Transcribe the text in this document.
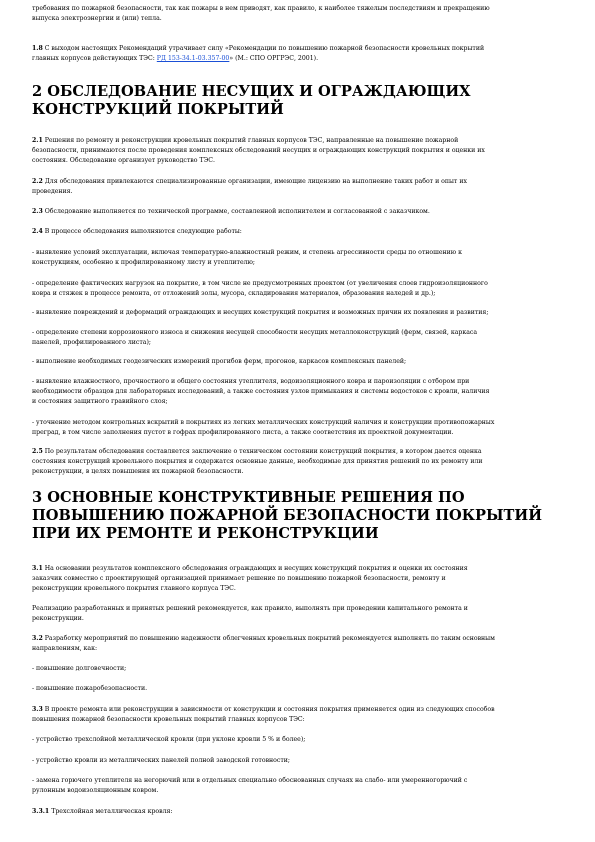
требования по пожарной безопасности, так как пожары в нем приводят, как правило, к наиболее тяжелым последствиям и прекращению
выпуска электроэнергии и (или) тепла.

1.8 С выходом настоящих Рекомендаций утрачивает силу «Рекомендации по повышению пожарной безопасности кровельных покрытий
главных корпусов действующих ТЭС: РД 153-34.1-03.357-00» (М.: СПО ОРГРЭС, 2001).

2 ОБСЛЕДОВАНИЕ НЕСУЩИХ И ОГРАЖДАЮЩИХ
КОНСТРУКЦИЙ ПОКРЫТИЙ

2.1 Решения по ремонту и реконструкции кровельных покрытий главных корпусов ТЭС, направленные на повышение пожарной
безопасности, принимаются после проведения комплексных обследований несущих и ограждающих конструкций покрытия и оценки их
состояния. Обследование организует руководство ТЭС.

2.2 Для обследования привлекаются специализированные организации, имеющие лицензию на выполнение таких работ и опыт их
проведения.

2.3 Обследование выполняется по технической программе, составленной исполнителем и согласованной с заказчиком.

2.4 В процессе обследования выполняются следующие работы:

- выявление условий эксплуатации, включая температурно-влажностный режим, и степень агрессивности среды по отношению к
конструкциям, особенно к профилированному листу и утеплителю;

- определение фактических нагрузок на покрытие, в том числе не предусмотренных проектом (от увеличения слоев гидроизоляционного
ковра и стяжек в процессе ремонта, от отложений золы, мусора, складирования материалов, образования наледей и др.);

- выявление повреждений и деформаций ограждающих и несущих конструкций покрытия и возможных причин их появления и развития;

- определение степени коррозионного износа и снижения несущей способности несущих металлоконструкций (ферм, связей, каркаса
панелей, профилированного листа);

- выполнение необходимых геодезических измерений прогибов ферм, прогонов, каркасов комплексных панелей;

- выявление влажностного, прочностного и общего состояния утеплителя, водоизоляционного ковра и пароизоляции с отбором при
необходимости образцов для лабораторных исследований, а также состояния узлов примыкания и системы водостоков с кровли, наличия
и состояния защитного гравийного слоя;

- уточнение методом контрольных вскрытий в покрытиях из легких металлических конструкций наличия и конструкции противопожарных
преград, в том числе заполнения пустот в гофрах профилированного листа, а также соответствия их проектной документации.

2.5 По результатам обследования составляется заключение о техническом состоянии конструкций покрытия, в котором дается оценка
состояния конструкций кровельного покрытия и содержатся основные данные, необходимые для принятия решений по их ремонту или
реконструкции, в целях повышения их пожарной безопасности.

3 ОСНОВНЫЕ КОНСТРУКТИВНЫЕ РЕШЕНИЯ ПО
ПОВЫШЕНИЮ ПОЖАРНОЙ БЕЗОПАСНОСТИ ПОКРЫТИЙ
ПРИ ИХ РЕМОНТЕ И РЕКОНСТРУКЦИИ

3.1 На основании результатов комплексного обследования ограждающих и несущих конструкций покрытия и оценки их состояния
заказчик совместно с проектирующей организацией принимает решение по повышению пожарной безопасности, ремонту и
реконструкции кровельного покрытия главного корпуса ТЭС.

Реализацию разработанных и принятых решений рекомендуется, как правило, выполнять при проведении капитального ремонта и
реконструкции.

3.2 Разработку мероприятий по повышению надежности облегченных кровельных покрытий рекомендуется выполнять по таким основным
направлениям, как:

- повышение долговечности;

- повышение пожаробезопасности.

3.3 В проекте ремонта или реконструкции в зависимости от конструкции и состояния покрытия применяется один из следующих способов
повышения пожарной безопасности кровельных покрытий главных корпусов ТЭС:

- устройство трехслойной металлической кровли (при уклоне кровли 5 % и более);

- устройство кровли из металлических панелей полной заводской готовности;

- замена горючего утеплителя на негорючий или в отдельных специально обоснованных случаях на слабо- или умеренногорючий с
рулонным водоизоляционным ковром.

3.3.1 Трехслойная металлическая кровля:
